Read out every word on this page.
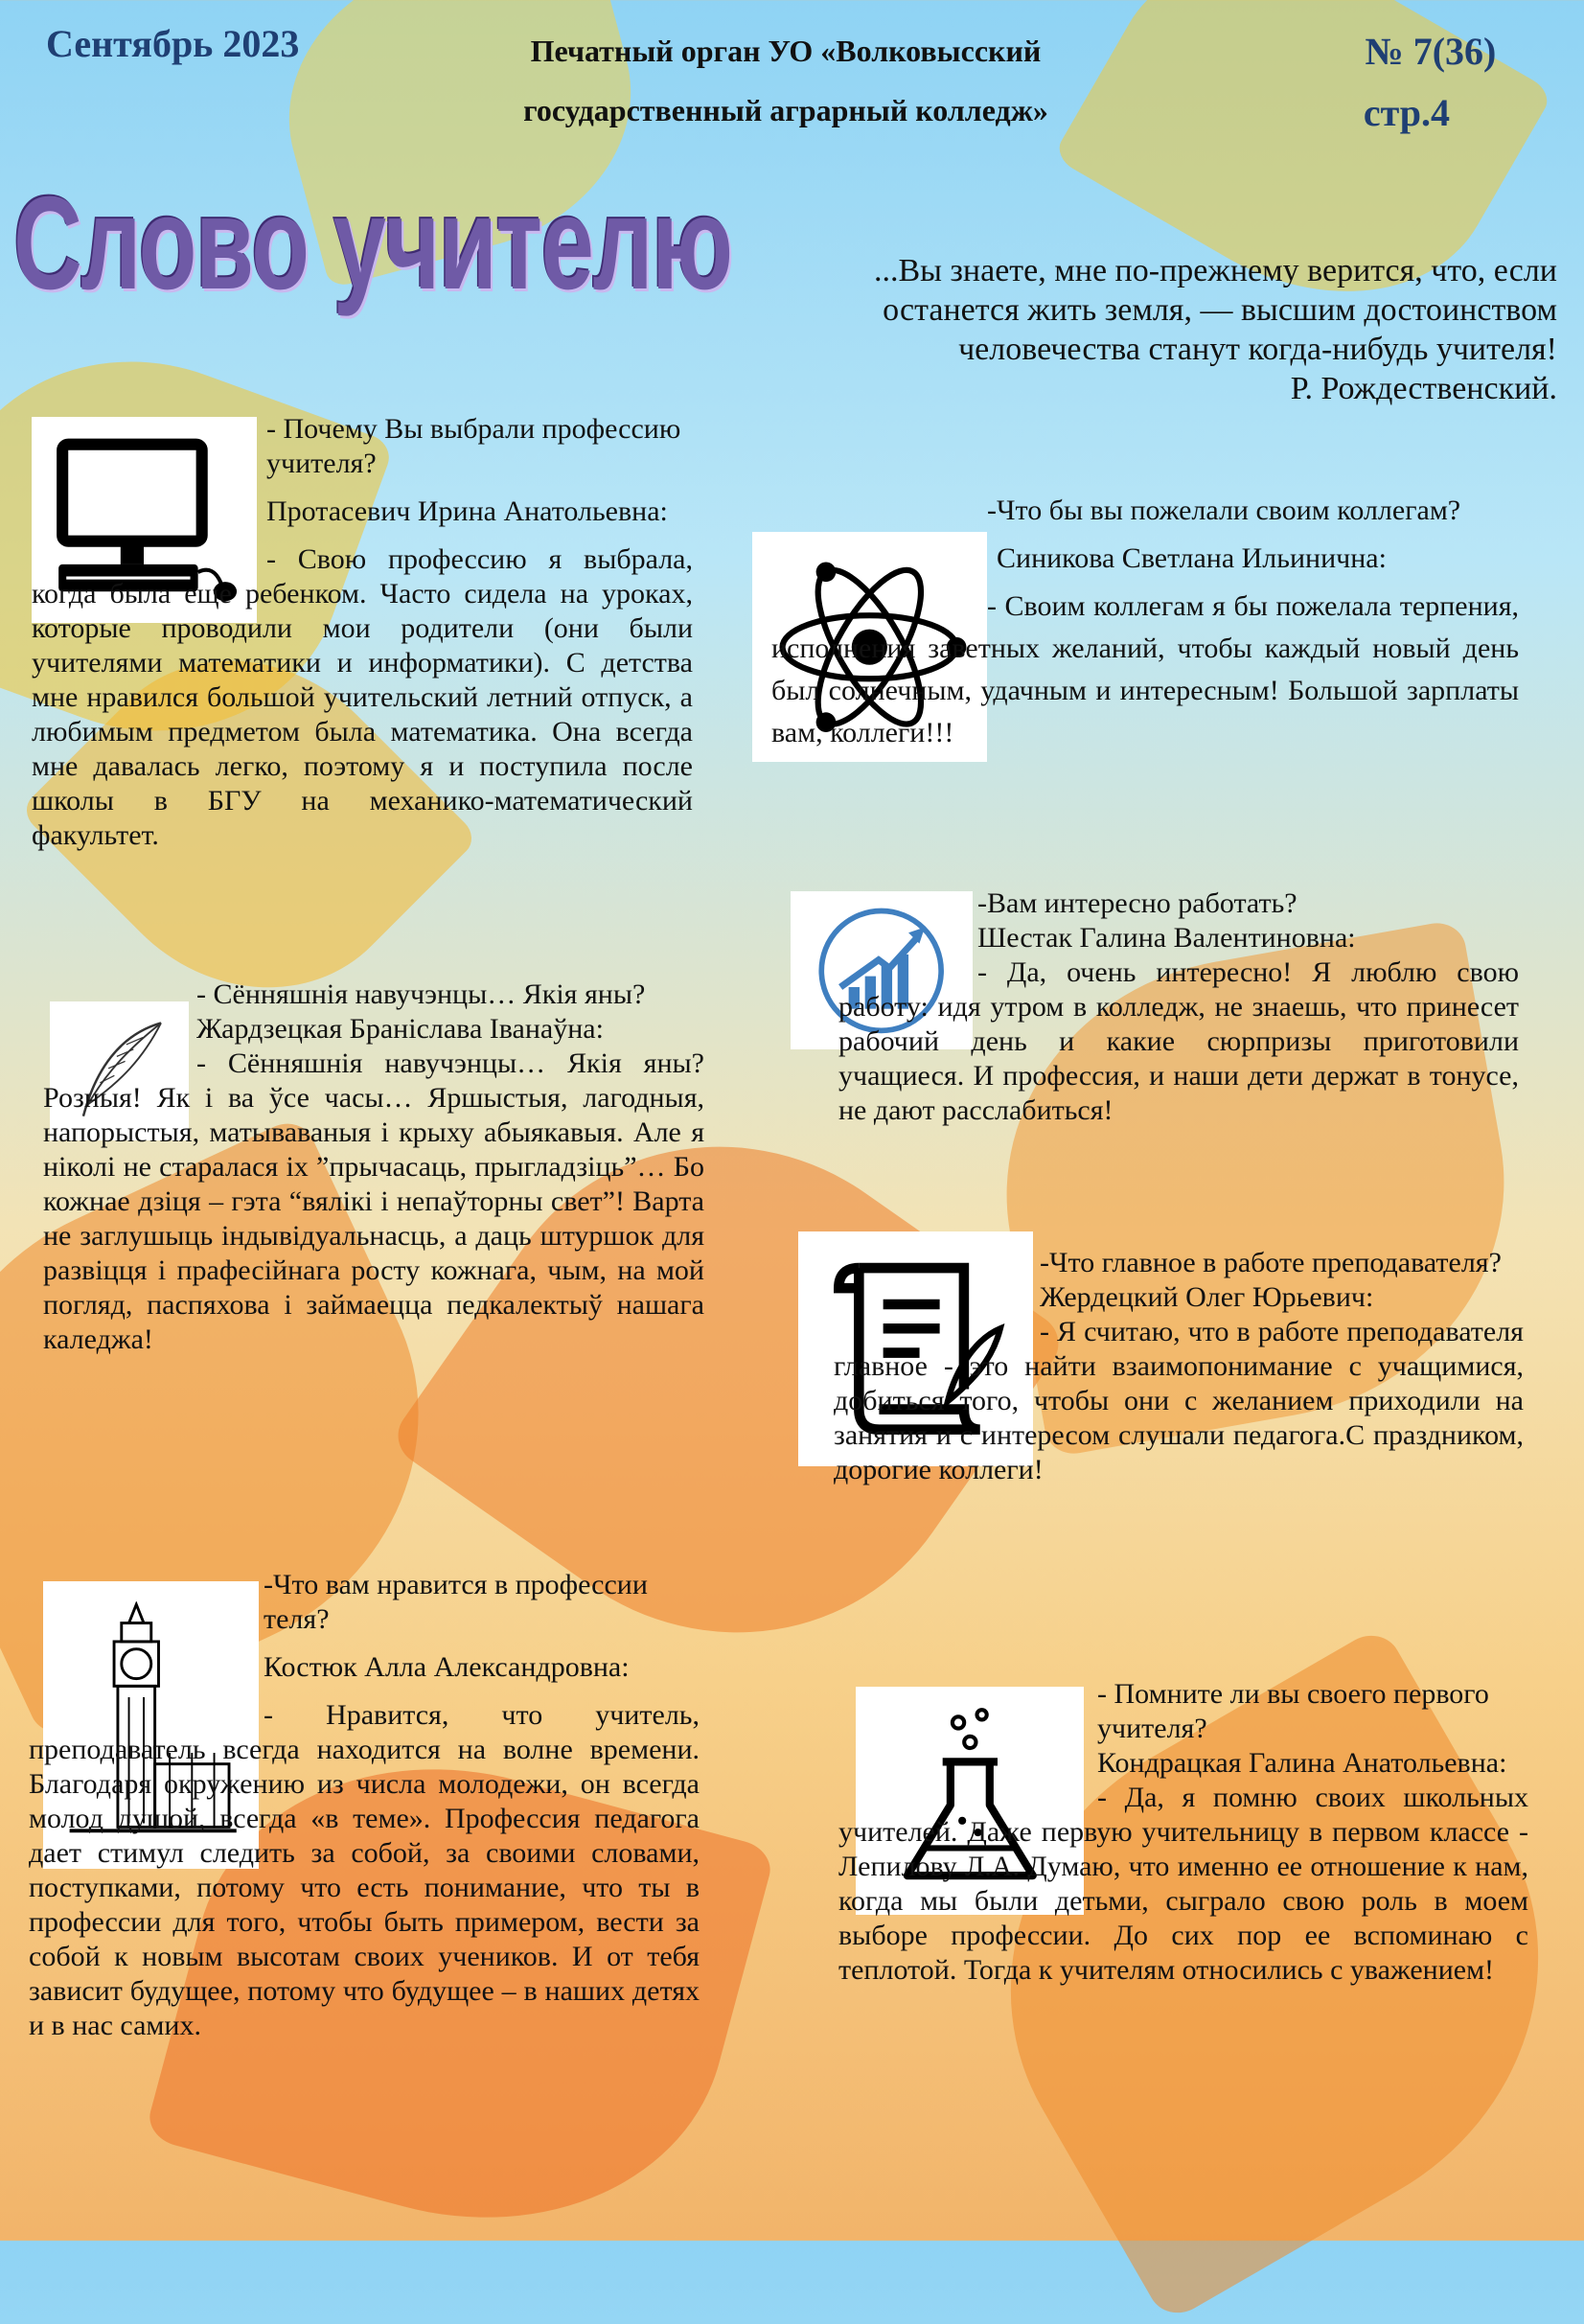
Сентябрь 2023	Печатный орган УО «Волковысский
государственный аграрный колледж»
№ 7(36)
стр.4
Слово учителю	...Вы знаете, мне по-прежнему верится, что, если останется жить земля, — высшим достоинством человечества станут когда-нибудь учителя!
Р. Рождественский.
- Почему Вы выбрали профессию учителя?
Протасевич Ирина Анатольевна:
- Свою профессию я выбрала, когда была еще ребенком. Часто сидела на уроках, которые проводили мои родители (они были учителями математики и информатики). С детства мне нравился большой учительский летний отпуск, а любимым предметом была математика. Она всегда мне давалась легко, поэтому я и поступила после школы в БГУ на механико-математический факультет.
-Что бы вы пожелали своим коллегам?
Синикова Светлана Ильинична:
- Своим коллегам я бы пожелала терпения, исполнения заветных желаний, чтобы каждый новый день был солнечным, удачным и интересным! Большой зарплаты вам, коллеги!!!
- Сённяшнія навучэнцы… Якія яны?
Жардзецкая Браніслава Іванаўна:
- Сённяшнія навучэнцы… Якія яны? Розныя! Як і ва ўсе часы… Яршыстыя, лагодныя, напорыстыя, матываваныя і крыху абыякавыя. Але я ніколі не старалася іх ”прычасаць, прыгладзіць”… Бо кожнае дзіця – гэта “вялікі і непаўторны свет”! Варта не заглушыць індывідуальнасць, а даць штуршок для развіцця і прафесійнага росту кожнага, чым, на мой погляд, паспяхова і займаецца педкалектыў нашага каледжа!
-Вам интересно работать?
Шестак Галина Валентиновна:
- Да, очень интересно! Я люблю свою работу: идя утром в колледж, не знаешь, что принесет рабочий день и какие сюрпризы приготовили учащиеся. И профессия, и наши дети держат в тонусе, не дают расслабиться!
-Что главное в работе преподавателя?
Жердецкий Олег Юрьевич:
- Я считаю, что в работе преподавателя главное - это найти взаимопонимание с учащимися, добиться того, чтобы они с желанием приходили на занятия и с интересом слушали педагога.С праздником, дорогие коллеги!
-Что вам нравится в профессии теля?
Костюк Алла Александровна:
- Нравится, что учитель, преподаватель всегда находится на волне времени. Благодаря окружению из числа молодежи, он всегда молод душой, всегда «в теме». Профессия педагога дает стимул следить за собой, за своими словами, поступками, потому что есть понимание, что ты в профессии для того, чтобы быть примером, вести за собой к новым высотам своих учеников. И от тебя зависит будущее, потому что будущее – в наших детях и в нас самих.
- Помните ли вы своего первого учителя?
Кондрацкая Галина Анатольевна:
- Да, я помню своих школьных учителей. Даже первую учительницу в первом классе - Лепилову Л.А. Думаю, что именно ее отношение к нам, когда мы были детьми, сыграло свою роль в моем выборе профессии. До сих пор ее вспоминаю с теплотой. Тогда к учителям относились с уважением!
